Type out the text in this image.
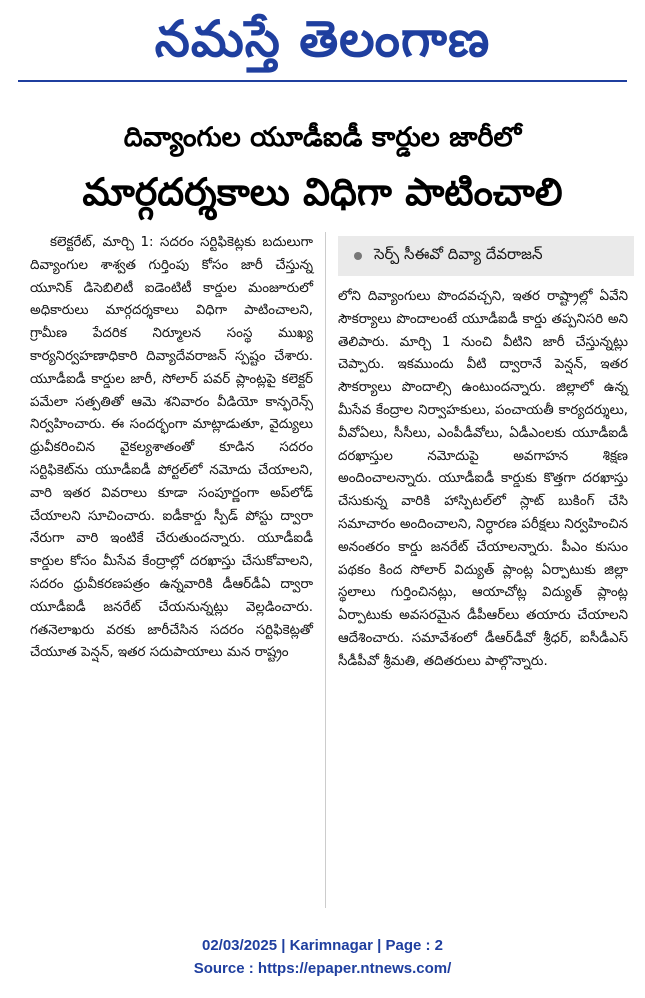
నమస్తే తెలంగాణ
దివ్యాంగుల యూడీఐడీ కార్డుల జారీలో
మార్గదర్శకాలు విధిగా పాటించాలి

కలెక్టరేట్, మార్చి 1: సదరం సర్టిఫికెట్లకు బదులుగా దివ్యాంగుల శాశ్వత గుర్తింపు కోసం జారీ చేస్తున్న యూనిక్ డిసెబిలిటీ ఐడెంటిటీ కార్డుల మంజూరులో అధికారులు మార్గదర్శకాలు విధిగా పాటించాలని, గ్రామీణ పేదరిక నిర్మూలన సంస్థ ముఖ్య కార్యనిర్వహణాధికారి దివ్యాదేవరాజన్ స్పష్టం చేశారు. యూడీఐడీ కార్డుల జారీ, సోలార్ పవర్ ప్లాంట్లపై కలెక్టర్ పమేలా సత్పతితో ఆమె శనివారం వీడియో కాన్ఫరెన్స్ నిర్వహించారు. ఈ సందర్భంగా మాట్లాడుతూ, వైద్యులు ధ్రువీకరించిన వైకల్యశాతంతో కూడిన సదరం సర్టిఫికెట్‌ను యూడీఐడీ పోర్టల్‌లో నమోదు చేయాలని, వారి ఇతర వివరాలు కూడా సంపూర్ణంగా అప్‌లోడ్ చేయాలని సూచించారు. ఐడీకార్డు స్పీడ్ పోస్టు ద్వారా నేరుగా వారి ఇంటికే చేరుతుందన్నారు. యూడీఐడీ కార్డుల కోసం మీసేవ కేంద్రాల్లో దరఖాస్తు చేసుకోవాలని, సదరం ధ్రువీకరణపత్రం ఉన్నవారికి డీఆర్‌డీఏ ద్వారా యూడీఐడీ జనరేట్ చేయనున్నట్లు వెల్లడించారు. గతనెలాఖరు వరకు జారీచేసిన సదరం సర్టిఫికెట్లతో చేయూత పెన్షన్, ఇతర సదుపాయాలు మన రాష్ట్రం

సెర్ప్ సీఈవో దివ్యా దేవరాజన్

లోని దివ్యాంగులు పొందవచ్చని, ఇతర రాష్ట్రాల్లో ఏవేని సౌకర్యాలు పొందాలంటే యూడీఐడీ కార్డు తప్పనిసరి అని తెలిపారు. మార్చి 1 నుంచి వీటిని జారీ చేస్తున్నట్లు చెప్పారు. ఇకముందు వీటి ద్వారానే పెన్షన్, ఇతర సౌకర్యాలు పొందాల్సి ఉంటుందన్నారు. జిల్లాలో ఉన్న మీసేవ కేంద్రాల నిర్వాహకులు, పంచాయతీ కార్యదర్శులు, వీవోఏలు, సీసీలు, ఎంపీడీవోలు, ఏడీఎంలకు యూడీఐడీ దరఖాస్తుల నమోదుపై అవగాహన శిక్షణ అందించాలన్నారు. యూడీఐడీ కార్డుకు కొత్తగా దరఖాస్తు చేసుకున్న వారికి హాస్పిటల్‌లో స్లాట్ బుకింగ్ చేసి సమాచారం అందించాలని, నిర్ధారణ పరీక్షలు నిర్వహించిన అనంతరం కార్డు జనరేట్ చేయాలన్నారు. పీఎం కుసుం పథకం కింద సోలార్ విద్యుత్ ప్లాంట్ల ఏర్పాటుకు జిల్లా స్థలాలు గుర్తించినట్లు, ఆయాచోట్ల విద్యుత్ ప్లాంట్ల ఏర్పాటుకు అవసరమైన డీపీఆర్‌లు తయారు చేయాలని ఆదేశించారు. సమావేశంలో డీఆర్‌డీవో శ్రీధర్, ఐసీడీఎస్ సీడీపీవో శ్రీమతి, తదితరులు పాల్గొన్నారు.

02/03/2025 | Karimnagar | Page : 2
Source : https://epaper.ntnews.com/
